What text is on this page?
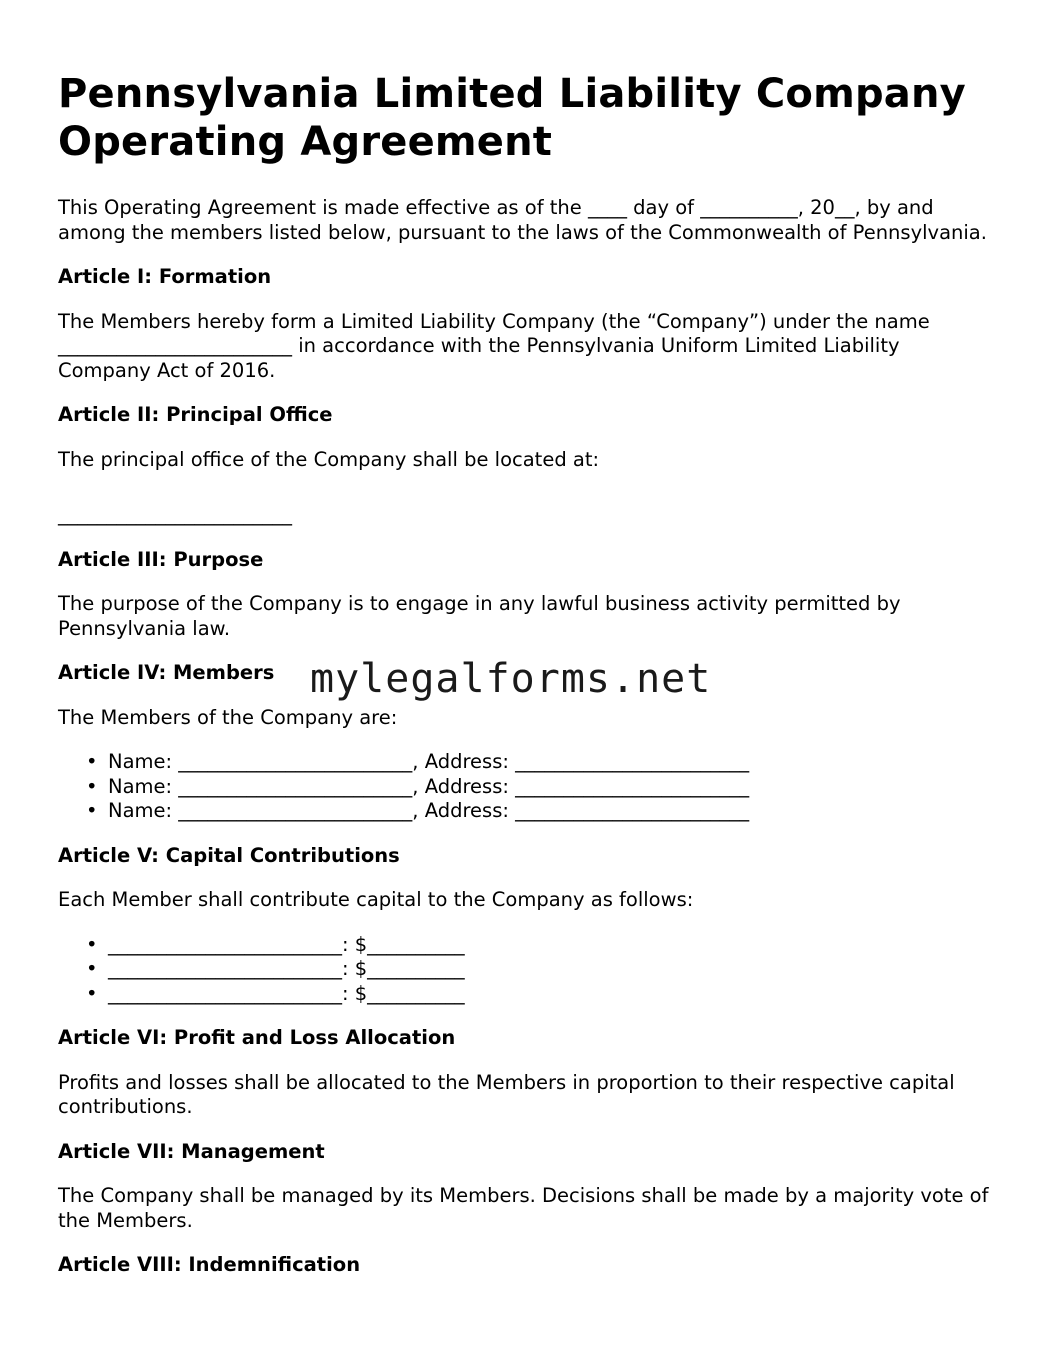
Pennsylvania Limited Liability Company
Operating Agreement

This Operating Agreement is made effective as of the ____ day of __________, 20__, by and among the members listed below, pursuant to the laws of the Commonwealth of Pennsylvania.

Article I: Formation

The Members hereby form a Limited Liability Company (the “Company”) under the name ________________________ in accordance with the Pennsylvania Uniform Limited Liability Company Act of 2016.

Article II: Principal Office

The principal office of the Company shall be located at:

________________________

Article III: Purpose

The purpose of the Company is to engage in any lawful business activity permitted by Pennsylvania law.

Article IV: Members

The Members of the Company are:

• Name: ________________________, Address: ________________________
• Name: ________________________, Address: ________________________
• Name: ________________________, Address: ________________________
Article V: Capital Contributions

Each Member shall contribute capital to the Company as follows:

• ________________________: $__________
• ________________________: $__________
• ________________________: $__________
Article VI: Profit and Loss Allocation

Profits and losses shall be allocated to the Members in proportion to their respective capital contributions.

Article VII: Management

The Company shall be managed by its Members. Decisions shall be made by a majority vote of the Members.

Article VIII: Indemnification
mylegalforms.net
